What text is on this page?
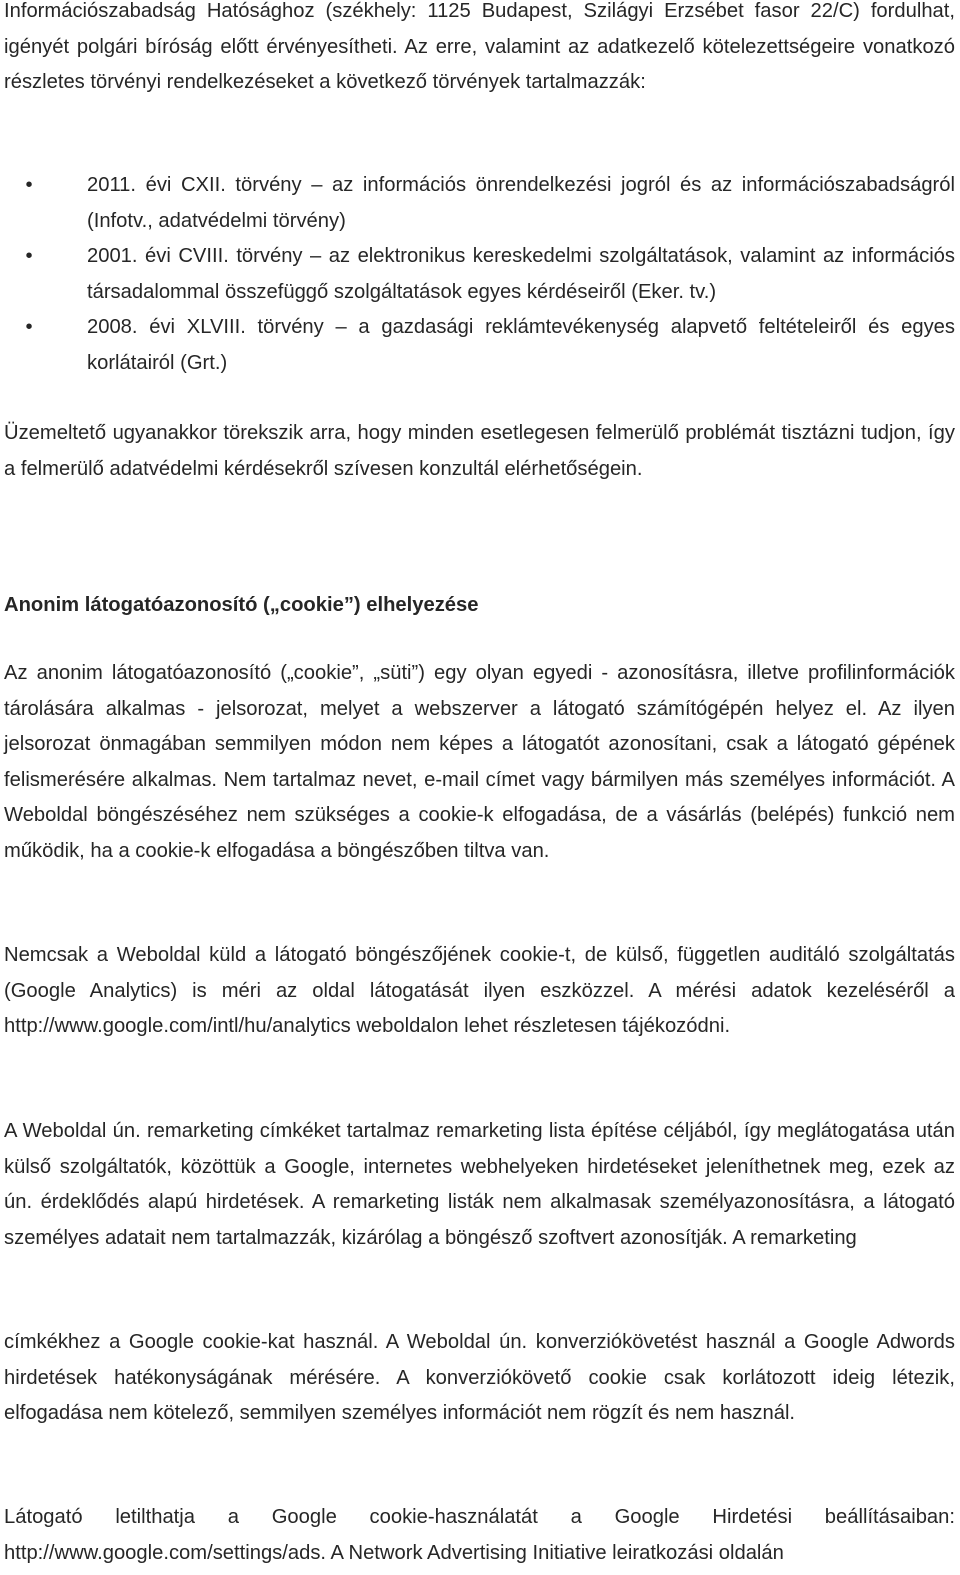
Információszabadság Hatósághoz (székhely: 1125 Budapest, Szilágyi Erzsébet fasor 22/C) fordulhat, igényét polgári bíróság előtt érvényesítheti. Az erre, valamint az adatkezelő kötelezettségeire vonatkozó részletes törvényi rendelkezéseket a következő törvények tartalmazzák:

•	2011. évi CXII. törvény – az információs önrendelkezési jogról és az információszabadságról (Infotv., adatvédelmi törvény)
•	2001. évi CVIII. törvény – az elektronikus kereskedelmi szolgáltatások, valamint az információs társadalommal összefüggő szolgáltatások egyes kérdéseiről (Eker. tv.)
•	2008. évi XLVIII. törvény – a gazdasági reklámtevékenység alapvető feltételeiről és egyes korlátairól (Grt.)

Üzemeltető ugyanakkor törekszik arra, hogy minden esetlegesen felmerülő problémát tisztázni tudjon, így a felmerülő adatvédelmi kérdésekről szívesen konzultál elérhetőségein.

Anonim látogatóazonosító („cookie”) elhelyezése

Az anonim látogatóazonosító („cookie”, „süti”) egy olyan egyedi - azonosításra, illetve profilinformációk tárolására alkalmas - jelsorozat, melyet a webszerver a látogató számítógépén helyez el. Az ilyen jelsorozat önmagában semmilyen módon nem képes a látogatót azonosítani, csak a látogató gépének felismerésére alkalmas. Nem tartalmaz nevet, e-mail címet vagy bármilyen más személyes információt. A Weboldal böngészéséhez nem szükséges a cookie-k elfogadása, de a vásárlás (belépés) funkció nem működik, ha a cookie-k elfogadása a böngészőben tiltva van.

Nemcsak a Weboldal küld a látogató böngészőjének cookie-t, de külső, független auditáló szolgáltatás (Google Analytics) is méri az oldal látogatását ilyen eszközzel. A mérési adatok kezeléséről a http://www.google.com/intl/hu/analytics weboldalon lehet részletesen tájékozódni.

A Weboldal ún. remarketing címkéket tartalmaz remarketing lista építése céljából, így meglátogatása után külső szolgáltatók, közöttük a Google, internetes webhelyeken hirdetéseket jeleníthetnek meg, ezek az ún. érdeklődés alapú hirdetések. A remarketing listák nem alkalmasak személyazonosításra, a látogató személyes adatait nem tartalmazzák, kizárólag a böngésző szoftvert azonosítják. A remarketing

címkékhez a Google cookie-kat használ. A Weboldal ún. konverziókövetést használ a Google Adwords hirdetések hatékonyságának mérésére. A konverziókövető cookie csak korlátozott ideig létezik, elfogadása nem kötelező, semmilyen személyes információt nem rögzít és nem használ.

Látogató letilthatja a Google cookie-használatát a Google Hirdetési beállításaiban: http://www.google.com/settings/ads. A Network Advertising Initiative leiratkozási oldalán
